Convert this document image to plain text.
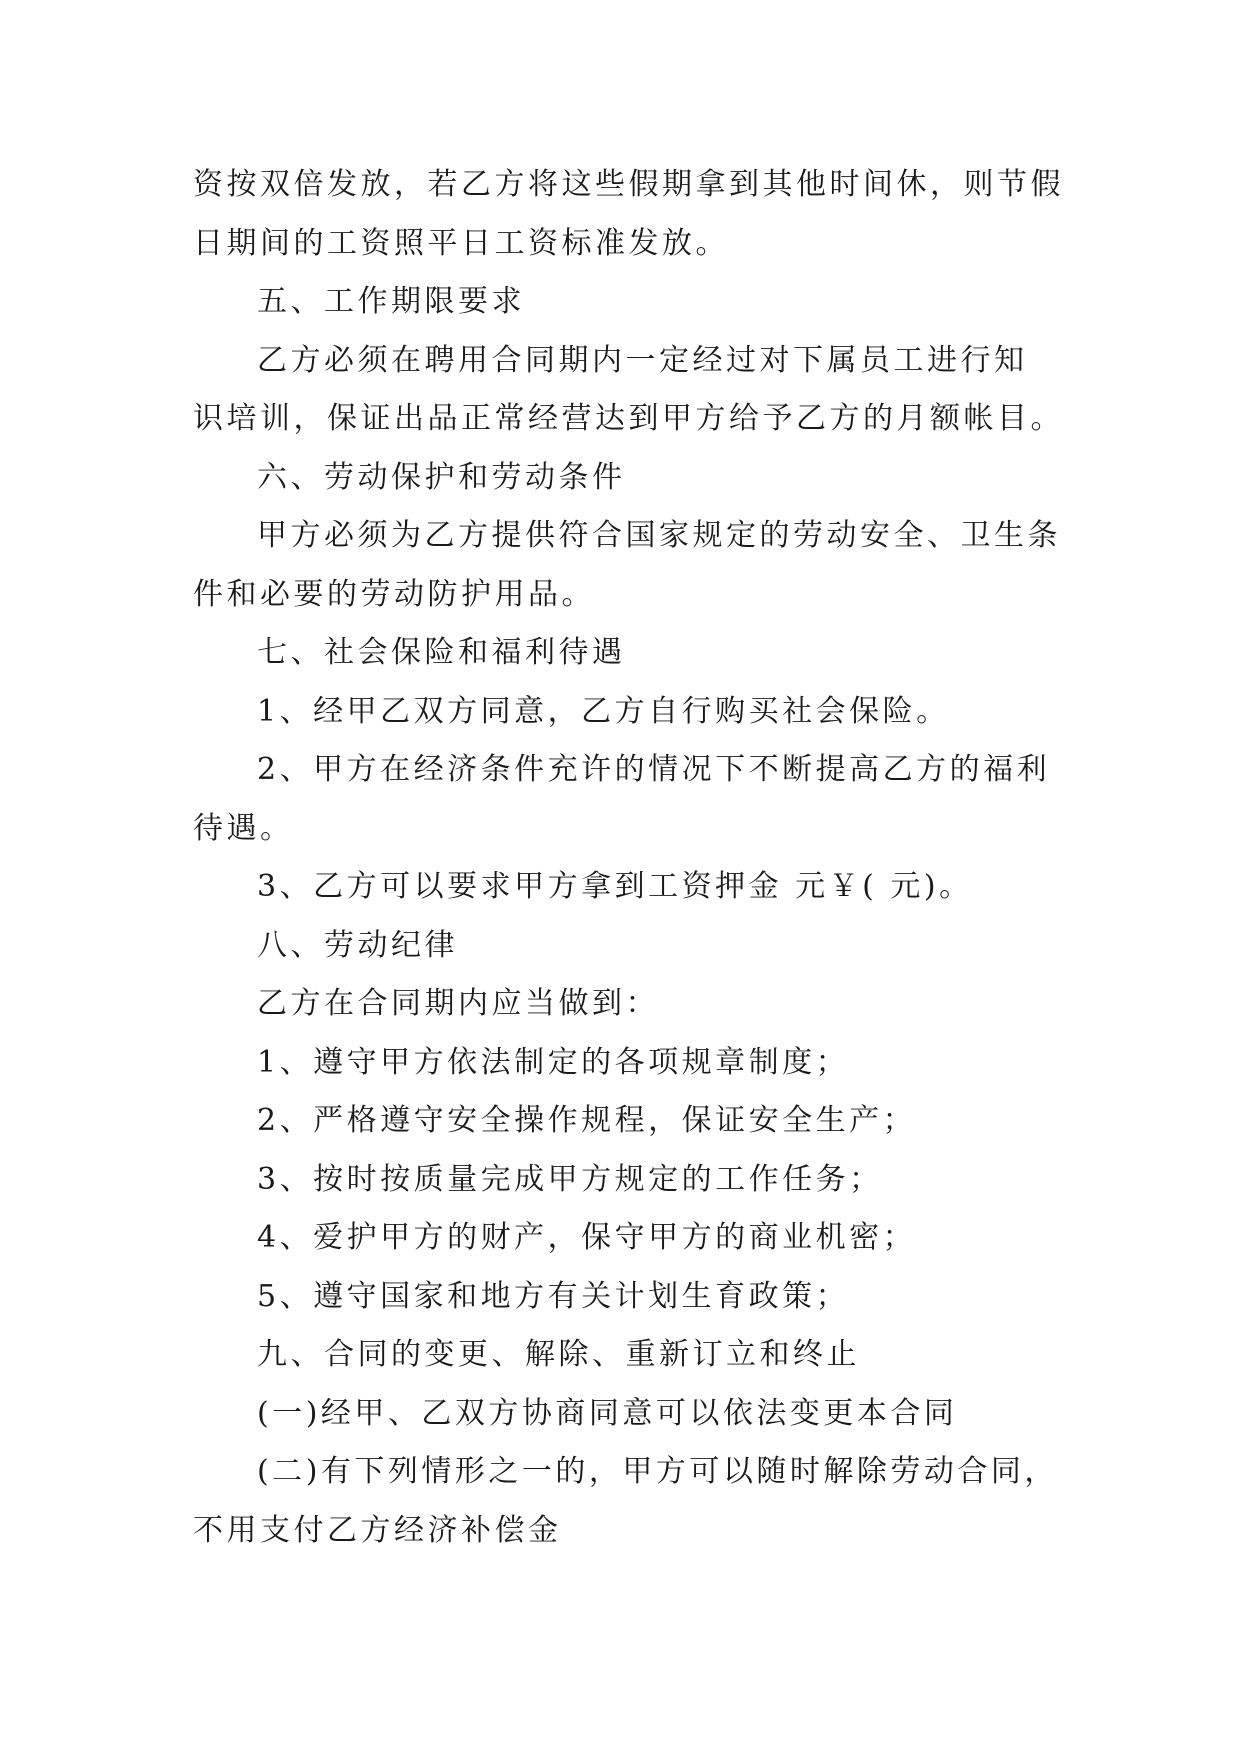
资按双倍发放，若乙方将这些假期拿到其他时间休，则节假

日期间的工资照平日工资标准发放。

五、工作期限要求

乙方必须在聘用合同期内一定经过对下属员工进行知

识培训，保证出品正常经营达到甲方给予乙方的月额帐目。

六、劳动保护和劳动条件

甲方必须为乙方提供符合国家规定的劳动安全、卫生条

件和必要的劳动防护用品。

七、社会保险和福利待遇

1、经甲乙双方同意，乙方自行购买社会保险。

2、甲方在经济条件充许的情况下不断提高乙方的福利

待遇。

3、乙方可以要求甲方拿到工资押金 元￥( 元)。

八、劳动纪律

乙方在合同期内应当做到：

1、遵守甲方依法制定的各项规章制度；

2、严格遵守安全操作规程，保证安全生产；

3、按时按质量完成甲方规定的工作任务；

4、爱护甲方的财产，保守甲方的商业机密；

5、遵守国家和地方有关计划生育政策；

九、合同的变更、解除、重新订立和终止

(一)经甲、乙双方协商同意可以依法变更本合同

(二)有下列情形之一的，甲方可以随时解除劳动合同，

不用支付乙方经济补偿金
